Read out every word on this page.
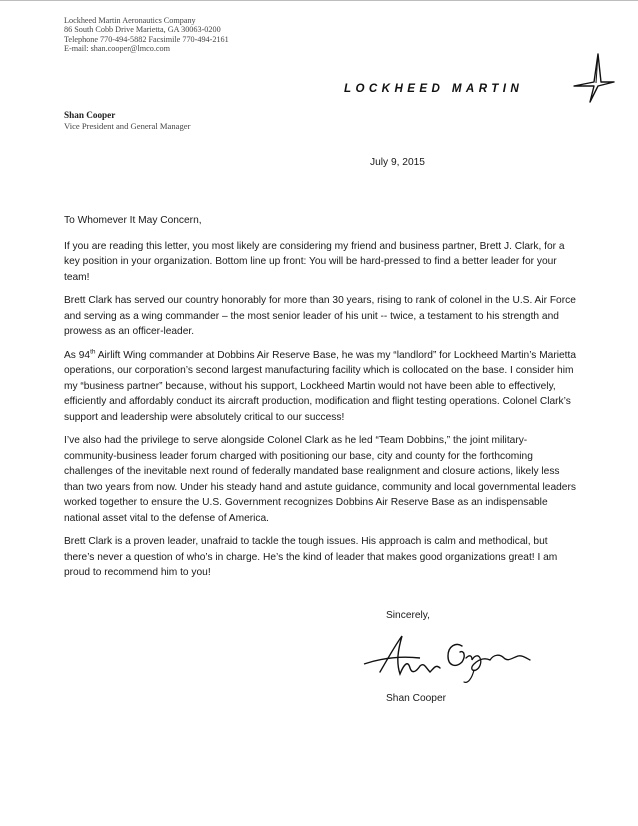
Lockheed Martin Aeronautics Company
86 South Cobb Drive Marietta, GA 30063-0200
Telephone 770-494-5882 Facsimile 770-494-2161
E-mail: shan.cooper@lmco.com
LOCKHEED MARTIN
Shan Cooper
Vice President and General Manager
July 9, 2015

To Whomever It May Concern,

If you are reading this letter, you most likely are considering my friend and business partner, Brett J. Clark, for a key position in your organization. Bottom line up front: You will be hard-pressed to find a better leader for your team!

Brett Clark has served our country honorably for more than 30 years, rising to rank of colonel in the U.S. Air Force and serving as a wing commander – the most senior leader of his unit -- twice, a testament to his strength and prowess as an officer-leader.

As 94th Airlift Wing commander at Dobbins Air Reserve Base, he was my “landlord” for Lockheed Martin’s Marietta operations, our corporation’s second largest manufacturing facility which is collocated on the base. I consider him my “business partner” because, without his support, Lockheed Martin would not have been able to effectively, efficiently and affordably conduct its aircraft production, modification and flight testing operations. Colonel Clark’s support and leadership were absolutely critical to our success!

I’ve also had the privilege to serve alongside Colonel Clark as he led “Team Dobbins,” the joint military-community-business leader forum charged with positioning our base, city and county for the forthcoming challenges of the inevitable next round of federally mandated base realignment and closure actions, likely less than two years from now. Under his steady hand and astute guidance, community and local governmental leaders worked together to ensure the U.S. Government recognizes Dobbins Air Reserve Base as an indispensable national asset vital to the defense of America.

Brett Clark is a proven leader, unafraid to tackle the tough issues. His approach is calm and methodical, but there’s never a question of who’s in charge. He’s the kind of leader that makes good organizations great! I am proud to recommend him to you!

Sincerely,
Shan Cooper
